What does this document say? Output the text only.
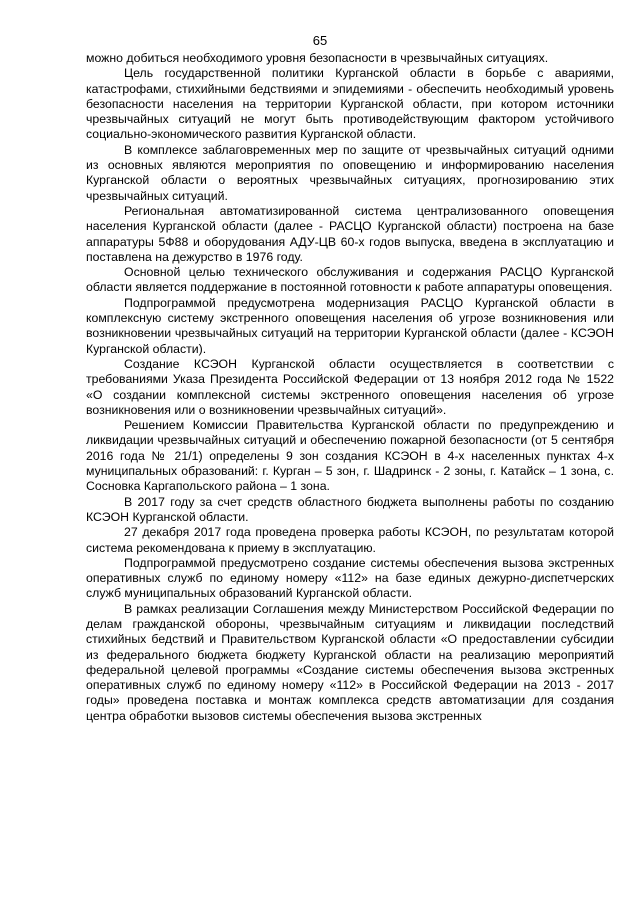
65

можно добиться необходимого уровня безопасности в чрезвычайных ситуациях.

Цель государственной политики Курганской области в борьбе с авариями, катастрофами, стихийными бедствиями и эпидемиями - обеспечить необходимый уровень безопасности населения на территории Курганской области, при котором источники чрезвычайных ситуаций не могут быть противодействующим фактором устойчивого социально-экономического развития Курганской области.

В комплексе заблаговременных мер по защите от чрезвычайных ситуаций одними из основных являются мероприятия по оповещению и информированию населения Курганской области о вероятных чрезвычайных ситуациях, прогнозированию этих чрезвычайных ситуаций.

Региональная автоматизированной система централизованного оповещения населения Курганской области (далее - РАСЦО Курганской области) построена на базе аппаратуры 5Ф88 и оборудования АДУ-ЦВ 60-х годов выпуска, введена в эксплуатацию и поставлена на дежурство в 1976 году.

Основной целью технического обслуживания и содержания РАСЦО Курганской области является поддержание в постоянной готовности к работе аппаратуры оповещения.

Подпрограммой предусмотрена модернизация РАСЦО Курганской области в комплексную систему экстренного оповещения населения об угрозе возникновения или возникновении чрезвычайных ситуаций на территории Курганской области (далее - КСЭОН Курганской области).

Создание КСЭОН Курганской области осуществляется в соответствии с требованиями Указа Президента Российской Федерации от 13 ноября 2012 года № 1522 «О создании комплексной системы экстренного оповещения населения об угрозе возникновения или о возникновении чрезвычайных ситуаций».

Решением Комиссии Правительства Курганской области по предупреждению и ликвидации чрезвычайных ситуаций и обеспечению пожарной безопасности (от 5 сентября 2016 года № 21/1) определены 9 зон создания КСЭОН в 4-х населенных пунктах 4-х муниципальных образований: г. Курган – 5 зон, г. Шадринск - 2 зоны, г. Катайск – 1 зона, с. Сосновка Каргапольского района – 1 зона.

В 2017 году за счет средств областного бюджета выполнены работы по созданию КСЭОН Курганской области.

27 декабря 2017 года проведена проверка работы КСЭОН, по результатам которой система рекомендована к приему в эксплуатацию.

Подпрограммой предусмотрено создание системы обеспечения вызова экстренных оперативных служб по единому номеру «112» на базе единых дежурно-диспетчерских служб муниципальных образований Курганской области.

В рамках реализации Соглашения между Министерством Российской Федерации по делам гражданской обороны, чрезвычайным ситуациям и ликвидации последствий стихийных бедствий и Правительством Курганской области «О предоставлении субсидии из федерального бюджета бюджету Курганской области на реализацию мероприятий федеральной целевой программы «Создание системы обеспечения вызова экстренных оперативных служб по единому номеру «112» в Российской Федерации на 2013 - 2017 годы» проведена поставка и монтаж комплекса средств автоматизации для создания центра обработки вызовов системы обеспечения вызова экстренных
